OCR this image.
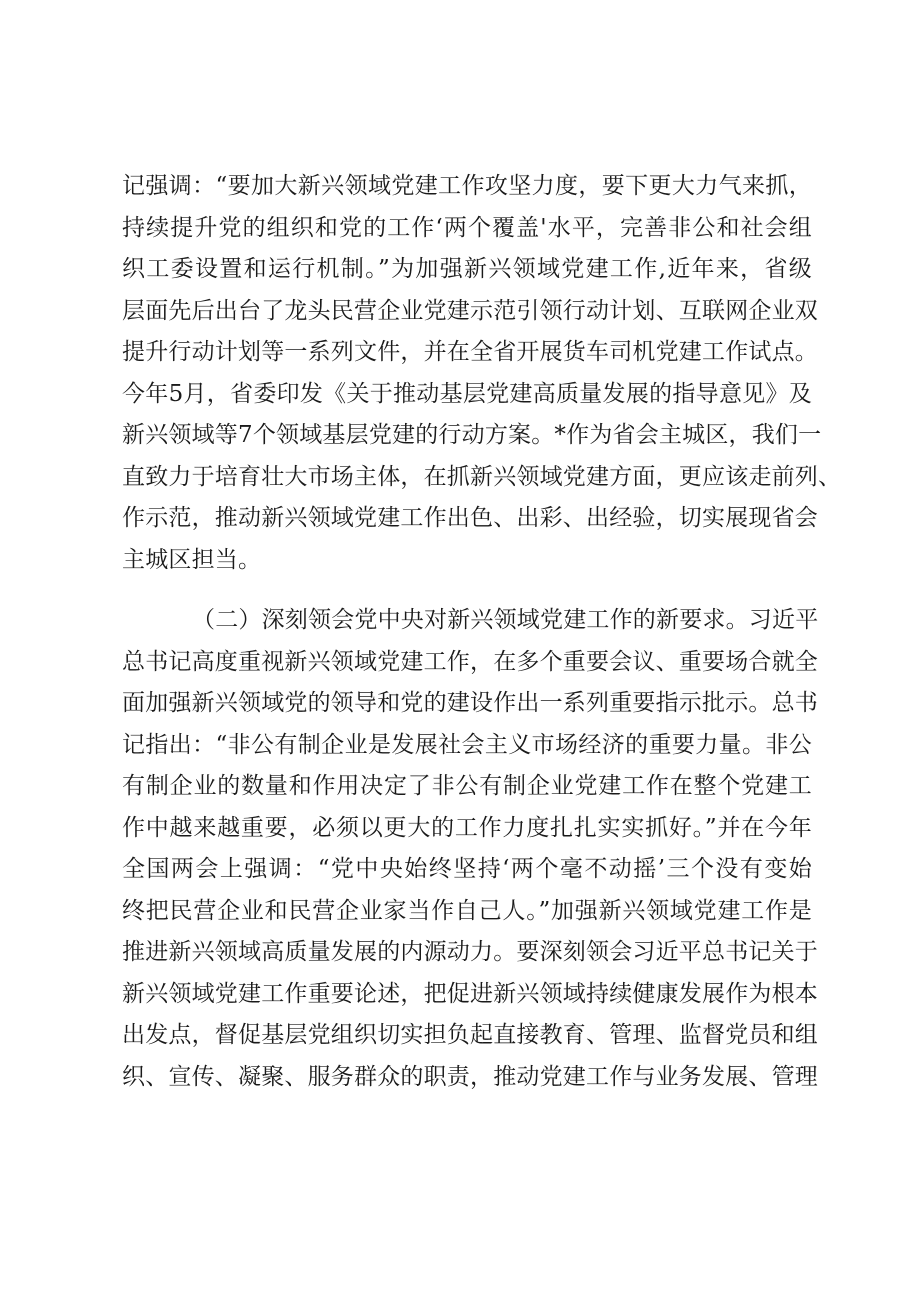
记强调：“要加大新兴领域党建工作攻坚力度，要下更大力气来抓，
持续提升党的组织和党的工作‘两个覆盖'水平，完善非公和社会组
织工委设置和运行机制。”为加强新兴领域党建工作,近年来，省级
层面先后出台了龙头民营企业党建示范引领行动计划、互联网企业双
提升行动计划等一系列文件，并在全省开展货车司机党建工作试点。
今年5月，省委印发《关于推动基层党建高质量发展的指导意见》及
新兴领域等7个领域基层党建的行动方案。*作为省会主城区，我们一
直致力于培育壮大市场主体，在抓新兴领域党建方面，更应该走前列、
作示范，推动新兴领域党建工作出色、出彩、出经验，切实展现省会
主城区担当。
（二）深刻领会党中央对新兴领域党建工作的新要求。习近平
总书记高度重视新兴领域党建工作，在多个重要会议、重要场合就全
面加强新兴领域党的领导和党的建设作出一系列重要指示批示。总书
记指出：“非公有制企业是发展社会主义市场经济的重要力量。非公
有制企业的数量和作用决定了非公有制企业党建工作在整个党建工
作中越来越重要，必须以更大的工作力度扎扎实实抓好。”并在今年
全国两会上强调：“党中央始终坚持‘两个毫不动摇’三个没有变始
终把民营企业和民营企业家当作自己人。”加强新兴领域党建工作是
推进新兴领域高质量发展的内源动力。要深刻领会习近平总书记关于
新兴领域党建工作重要论述，把促进新兴领域持续健康发展作为根本
出发点，督促基层党组织切实担负起直接教育、管理、监督党员和组
织、宣传、凝聚、服务群众的职责，推动党建工作与业务发展、管理
